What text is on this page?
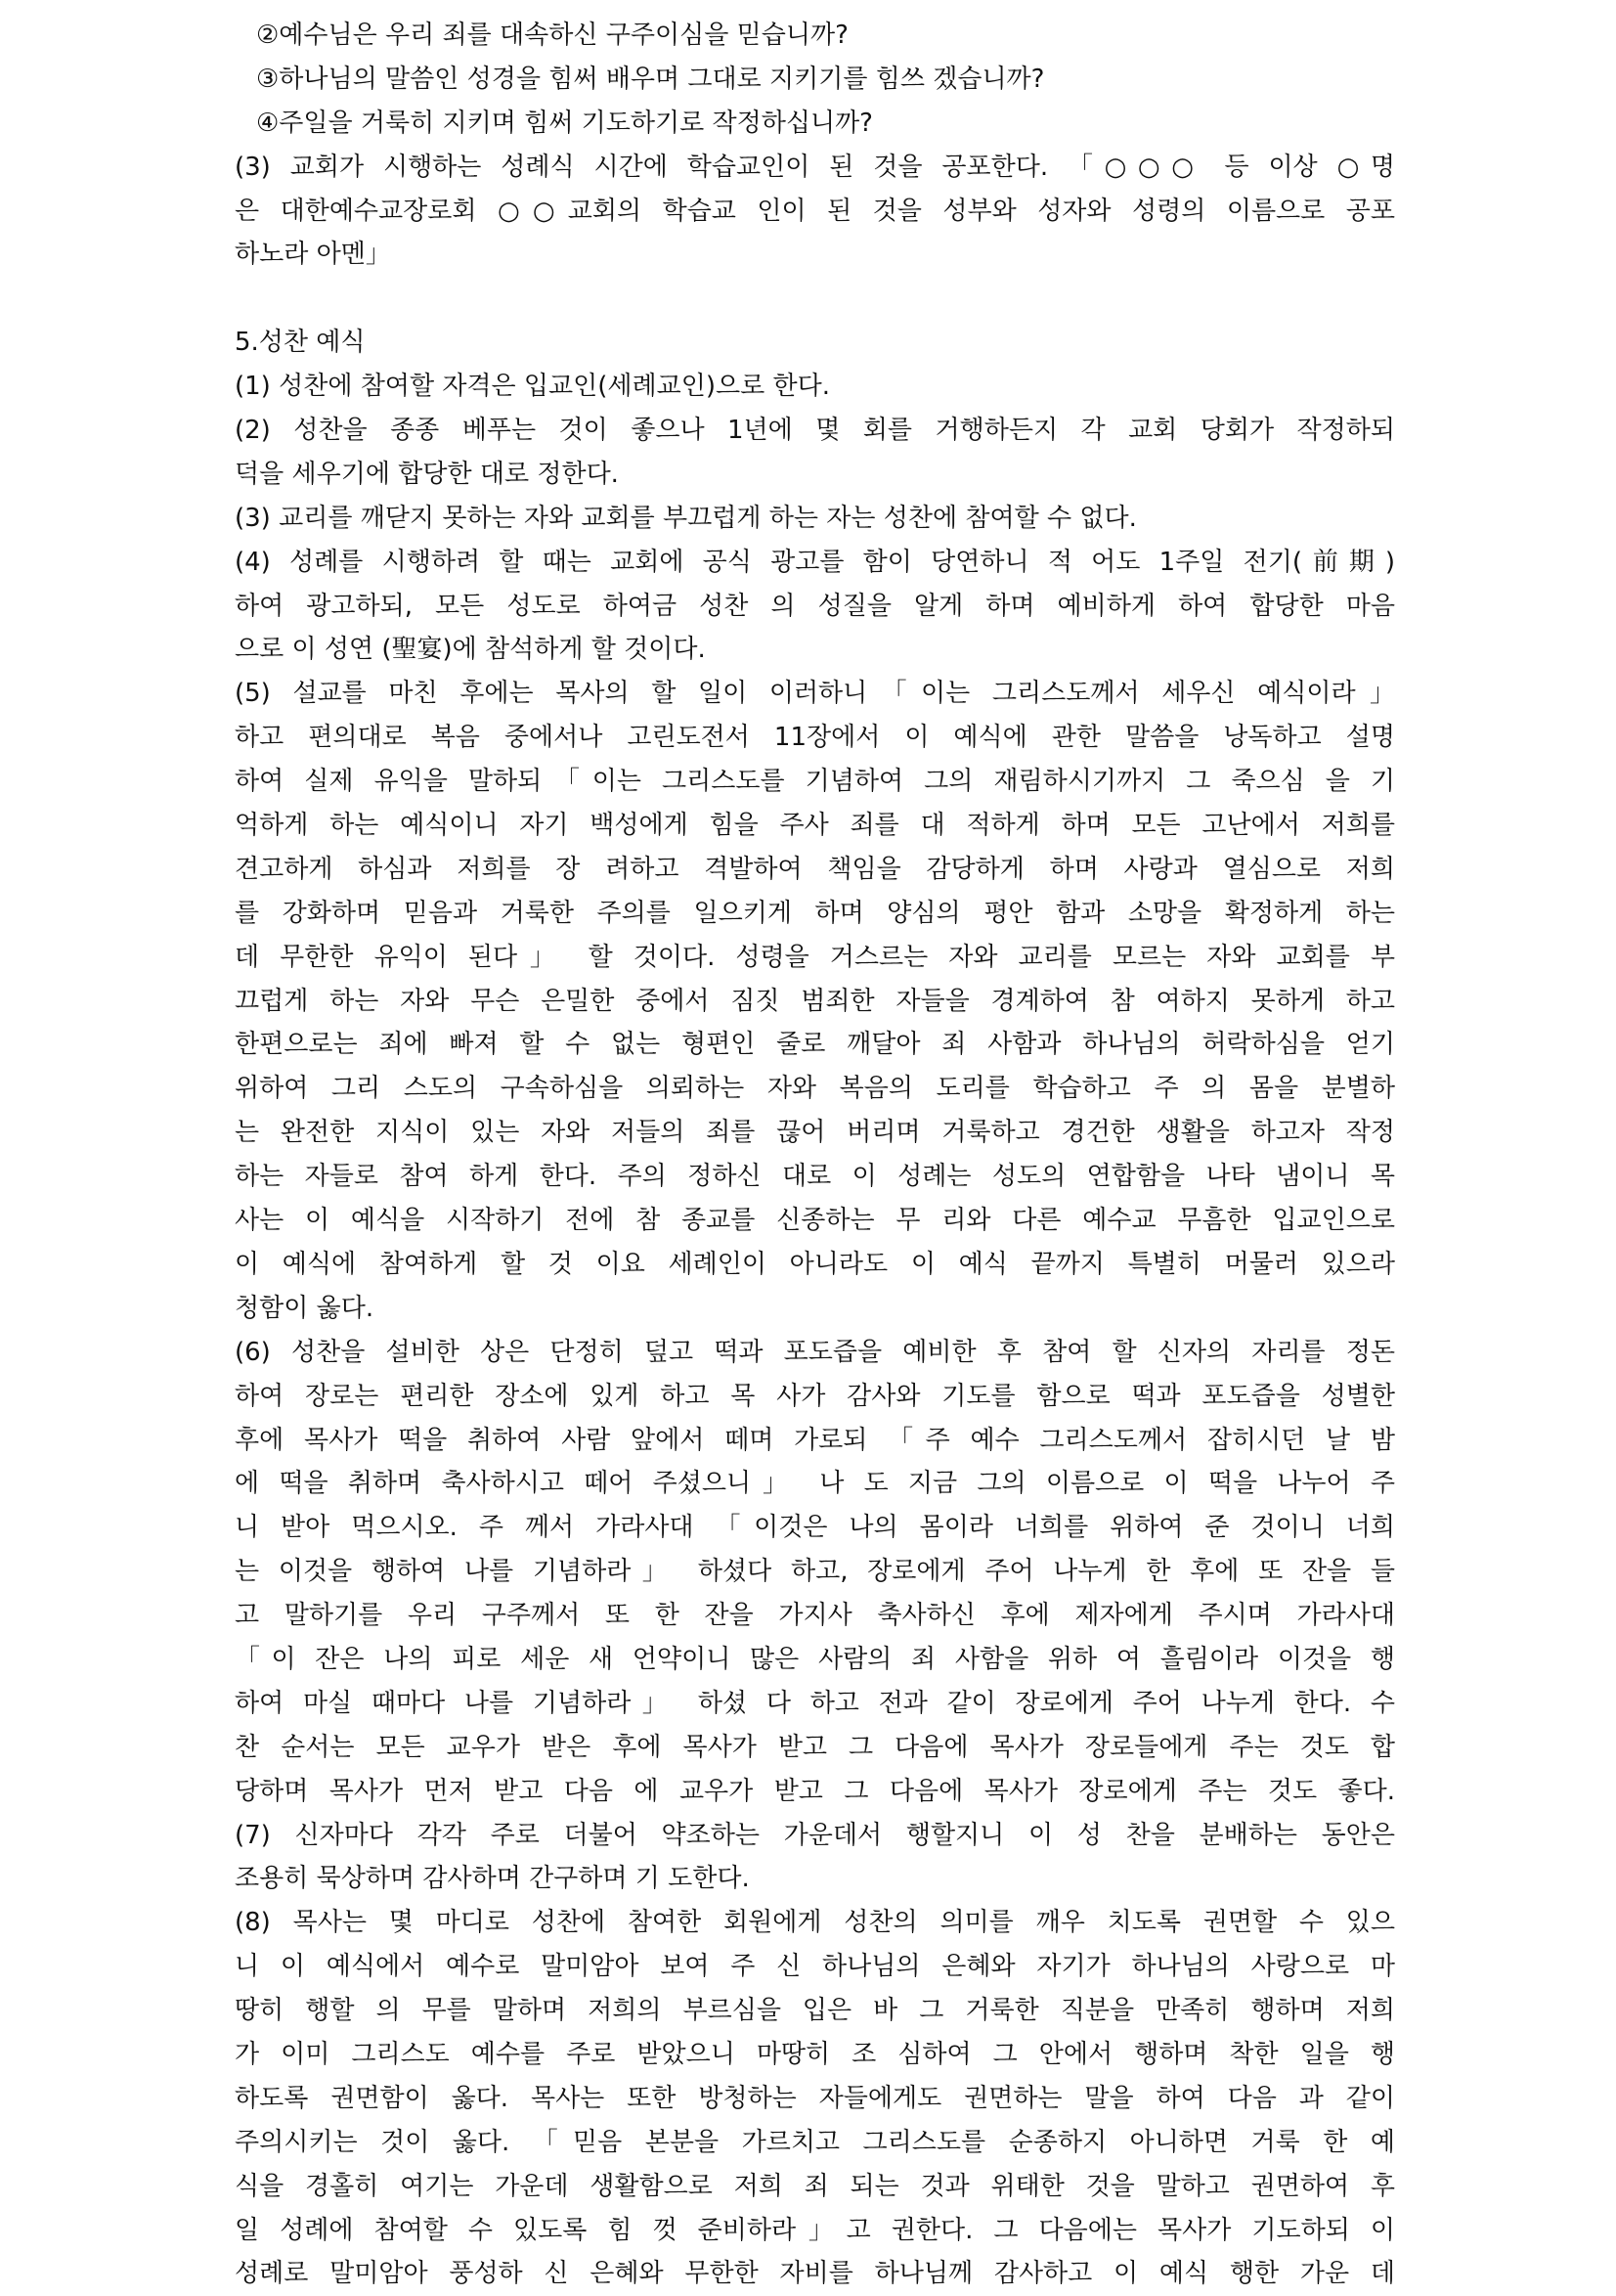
②예수님은 우리 죄를 대속하신 구주이심을 믿습니까?
③하나님의 말씀인 성경을 힘써 배우며 그대로 지키기를 힘쓰 겠습니까?
④주일을 거룩히 지키며 힘써 기도하기로 작정하십니까?
(3) 교회가 시행하는 성례식 시간에 학습교인이 된 것을 공포한다. 「○○○ 등 이상 ○명
은 대한예수교장로회 ○○교회의 학습교 인이 된 것을 성부와 성자와 성령의 이름으로 공포
하노라 아멘」
5.성찬 예식
(1) 성찬에 참여할 자격은 입교인(세례교인)으로 한다.
(2) 성찬을 종종 베푸는 것이 좋으나 1년에 몇 회를 거행하든지 각 교회 당회가 작정하되
덕을 세우기에 합당한 대로 정한다.
(3) 교리를 깨닫지 못하는 자와 교회를 부끄럽게 하는 자는 성찬에 참여할 수 없다.
(4) 성례를 시행하려 할 때는 교회에 공식 광고를 함이 당연하니 적 어도 1주일 전기(前期)
하여 광고하되, 모든 성도로 하여금 성찬 의 성질을 알게 하며 예비하게 하여 합당한 마음
으로 이 성연 (聖宴)에 참석하게 할 것이다.
(5) 설교를 마친 후에는 목사의 할 일이 이러하니「이는 그리스도께서 세우신 예식이라」
하고 편의대로 복음 중에서나 고린도전서 11장에서 이 예식에 관한 말씀을 낭독하고 설명
하여 실제 유익을 말하되「이는 그리스도를 기념하여 그의 재림하시기까지 그 죽으심 을 기
억하게 하는 예식이니 자기 백성에게 힘을 주사 죄를 대 적하게 하며 모든 고난에서 저희를
견고하게 하심과 저희를 장 려하고 격발하여 책임을 감당하게 하며 사랑과 열심으로 저희
를 강화하며 믿음과 거룩한 주의를 일으키게 하며 양심의 평안 함과 소망을 확정하게 하는
데 무한한 유익이 된다」 할 것이다. 성령을 거스르는 자와 교리를 모르는 자와 교회를 부
끄럽게 하는 자와 무슨 은밀한 중에서 짐짓 범죄한 자들을 경계하여 참 여하지 못하게 하고
한편으로는 죄에 빠져 할 수 없는 형편인 줄로 깨달아 죄 사함과 하나님의 허락하심을 얻기
위하여 그리 스도의 구속하심을 의뢰하는 자와 복음의 도리를 학습하고 주 의 몸을 분별하
는 완전한 지식이 있는 자와 저들의 죄를 끊어 버리며 거룩하고 경건한 생활을 하고자 작정
하는 자들로 참여 하게 한다. 주의 정하신 대로 이 성례는 성도의 연합함을 나타 냄이니 목
사는 이 예식을 시작하기 전에 참 종교를 신종하는 무 리와 다른 예수교 무흠한 입교인으로
이 예식에 참여하게 할 것 이요 세례인이 아니라도 이 예식 끝까지 특별히 머물러 있으라
청함이 옳다.
(6) 성찬을 설비한 상은 단정히 덮고 떡과 포도즙을 예비한 후 참여 할 신자의 자리를 정돈
하여 장로는 편리한 장소에 있게 하고 목 사가 감사와 기도를 함으로 떡과 포도즙을 성별한
후에 목사가 떡을 취하여 사람 앞에서 떼며 가로되 「주 예수 그리스도께서 잡히시던 날 밤
에 떡을 취하며 축사하시고 떼어 주셨으니」 나 도 지금 그의 이름으로 이 떡을 나누어 주
니 받아 먹으시오. 주 께서 가라사대 「이것은 나의 몸이라 너희를 위하여 준 것이니 너희
는 이것을 행하여 나를 기념하라」 하셨다 하고, 장로에게 주어 나누게 한 후에 또 잔을 들
고 말하기를 우리 구주께서 또 한 잔을 가지사 축사하신 후에 제자에게 주시며 가라사대
「이 잔은 나의 피로 세운 새 언약이니 많은 사람의 죄 사함을 위하 여 흘림이라 이것을 행
하여 마실 때마다 나를 기념하라」 하셨 다 하고 전과 같이 장로에게 주어 나누게 한다. 수
찬 순서는 모든 교우가 받은 후에 목사가 받고 그 다음에 목사가 장로들에게 주는 것도 합
당하며 목사가 먼저 받고 다음 에 교우가 받고 그 다음에 목사가 장로에게 주는 것도 좋다.
(7) 신자마다 각각 주로 더불어 약조하는 가운데서 행할지니 이 성 찬을 분배하는 동안은
조용히 묵상하며 감사하며 간구하며 기 도한다.
(8) 목사는 몇 마디로 성찬에 참여한 회원에게 성찬의 의미를 깨우 치도록 권면할 수 있으
니 이 예식에서 예수로 말미암아 보여 주 신 하나님의 은혜와 자기가 하나님의 사랑으로 마
땅히 행할 의 무를 말하며 저희의 부르심을 입은 바 그 거룩한 직분을 만족히 행하며 저희
가 이미 그리스도 예수를 주로 받았으니 마땅히 조 심하여 그 안에서 행하며 착한 일을 행
하도록 권면함이 옳다. 목사는 또한 방청하는 자들에게도 권면하는 말을 하여 다음 과 같이
주의시키는 것이 옳다. 「믿음 본분을 가르치고 그리스도를 순종하지 아니하면 거룩 한 예
식을 경홀히 여기는 가운데 생활함으로 저희 죄 되는 것과 위태한 것을 말하고 권면하여 후
일 성례에 참여할 수 있도록 힘 껏 준비하라」고 권한다. 그 다음에는 목사가 기도하되 이
성례로 말미암아 풍성하 신 은혜와 무한한 자비를 하나님께 감사하고 이 예식 행한 가운 데
